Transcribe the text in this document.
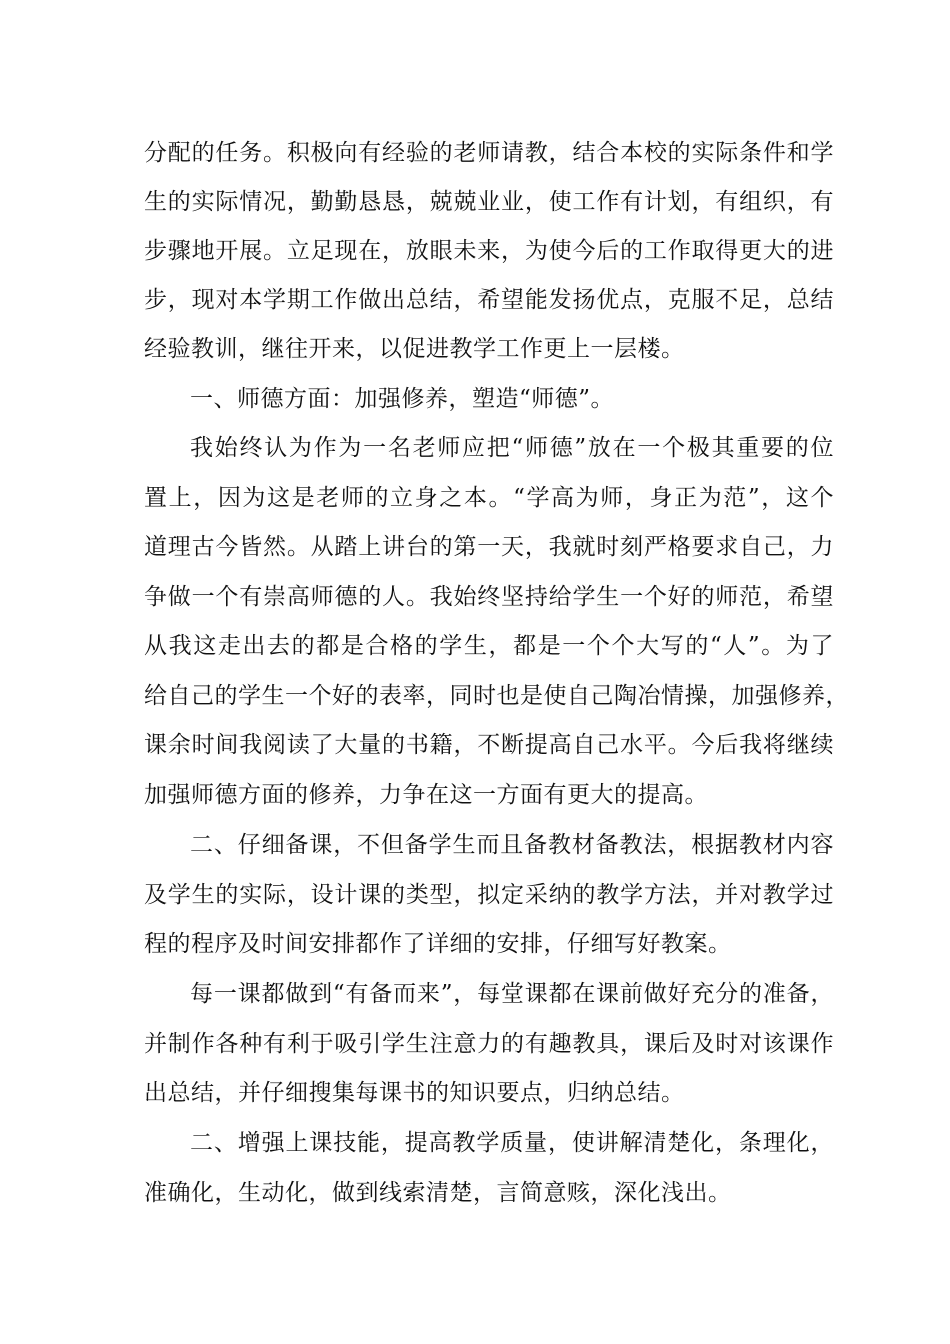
分配的任务。积极向有经验的老师请教，结合本校的实际条件和学

生的实际情况，勤勤恳恳，兢兢业业，使工作有计划，有组织，有

步骤地开展。立足现在，放眼未来，为使今后的工作取得更大的进

步，现对本学期工作做出总结，希望能发扬优点，克服不足，总结

经验教训，继往开来，以促进教学工作更上一层楼。

一、师德方面：加强修养，塑造“师德”。

我始终认为作为一名老师应把“师德”放在一个极其重要的位

置上，因为这是老师的立身之本。“学高为师，身正为范”，这个

道理古今皆然。从踏上讲台的第一天，我就时刻严格要求自己，力

争做一个有崇高师德的人。我始终坚持给学生一个好的师范，希望

从我这走出去的都是合格的学生，都是一个个大写的“人”。为了

给自己的学生一个好的表率，同时也是使自己陶冶情操，加强修养，

课余时间我阅读了大量的书籍，不断提高自己水平。今后我将继续

加强师德方面的修养，力争在这一方面有更大的提高。

二、仔细备课，不但备学生而且备教材备教法，根据教材内容

及学生的实际，设计课的类型，拟定采纳的教学方法，并对教学过

程的程序及时间安排都作了详细的安排，仔细写好教案。

每一课都做到“有备而来”，每堂课都在课前做好充分的准备，

并制作各种有利于吸引学生注意力的有趣教具，课后及时对该课作

出总结，并仔细搜集每课书的知识要点，归纳总结。

二、增强上课技能，提高教学质量，使讲解清楚化，条理化，

准确化，生动化，做到线索清楚，言简意赅，深化浅出。
